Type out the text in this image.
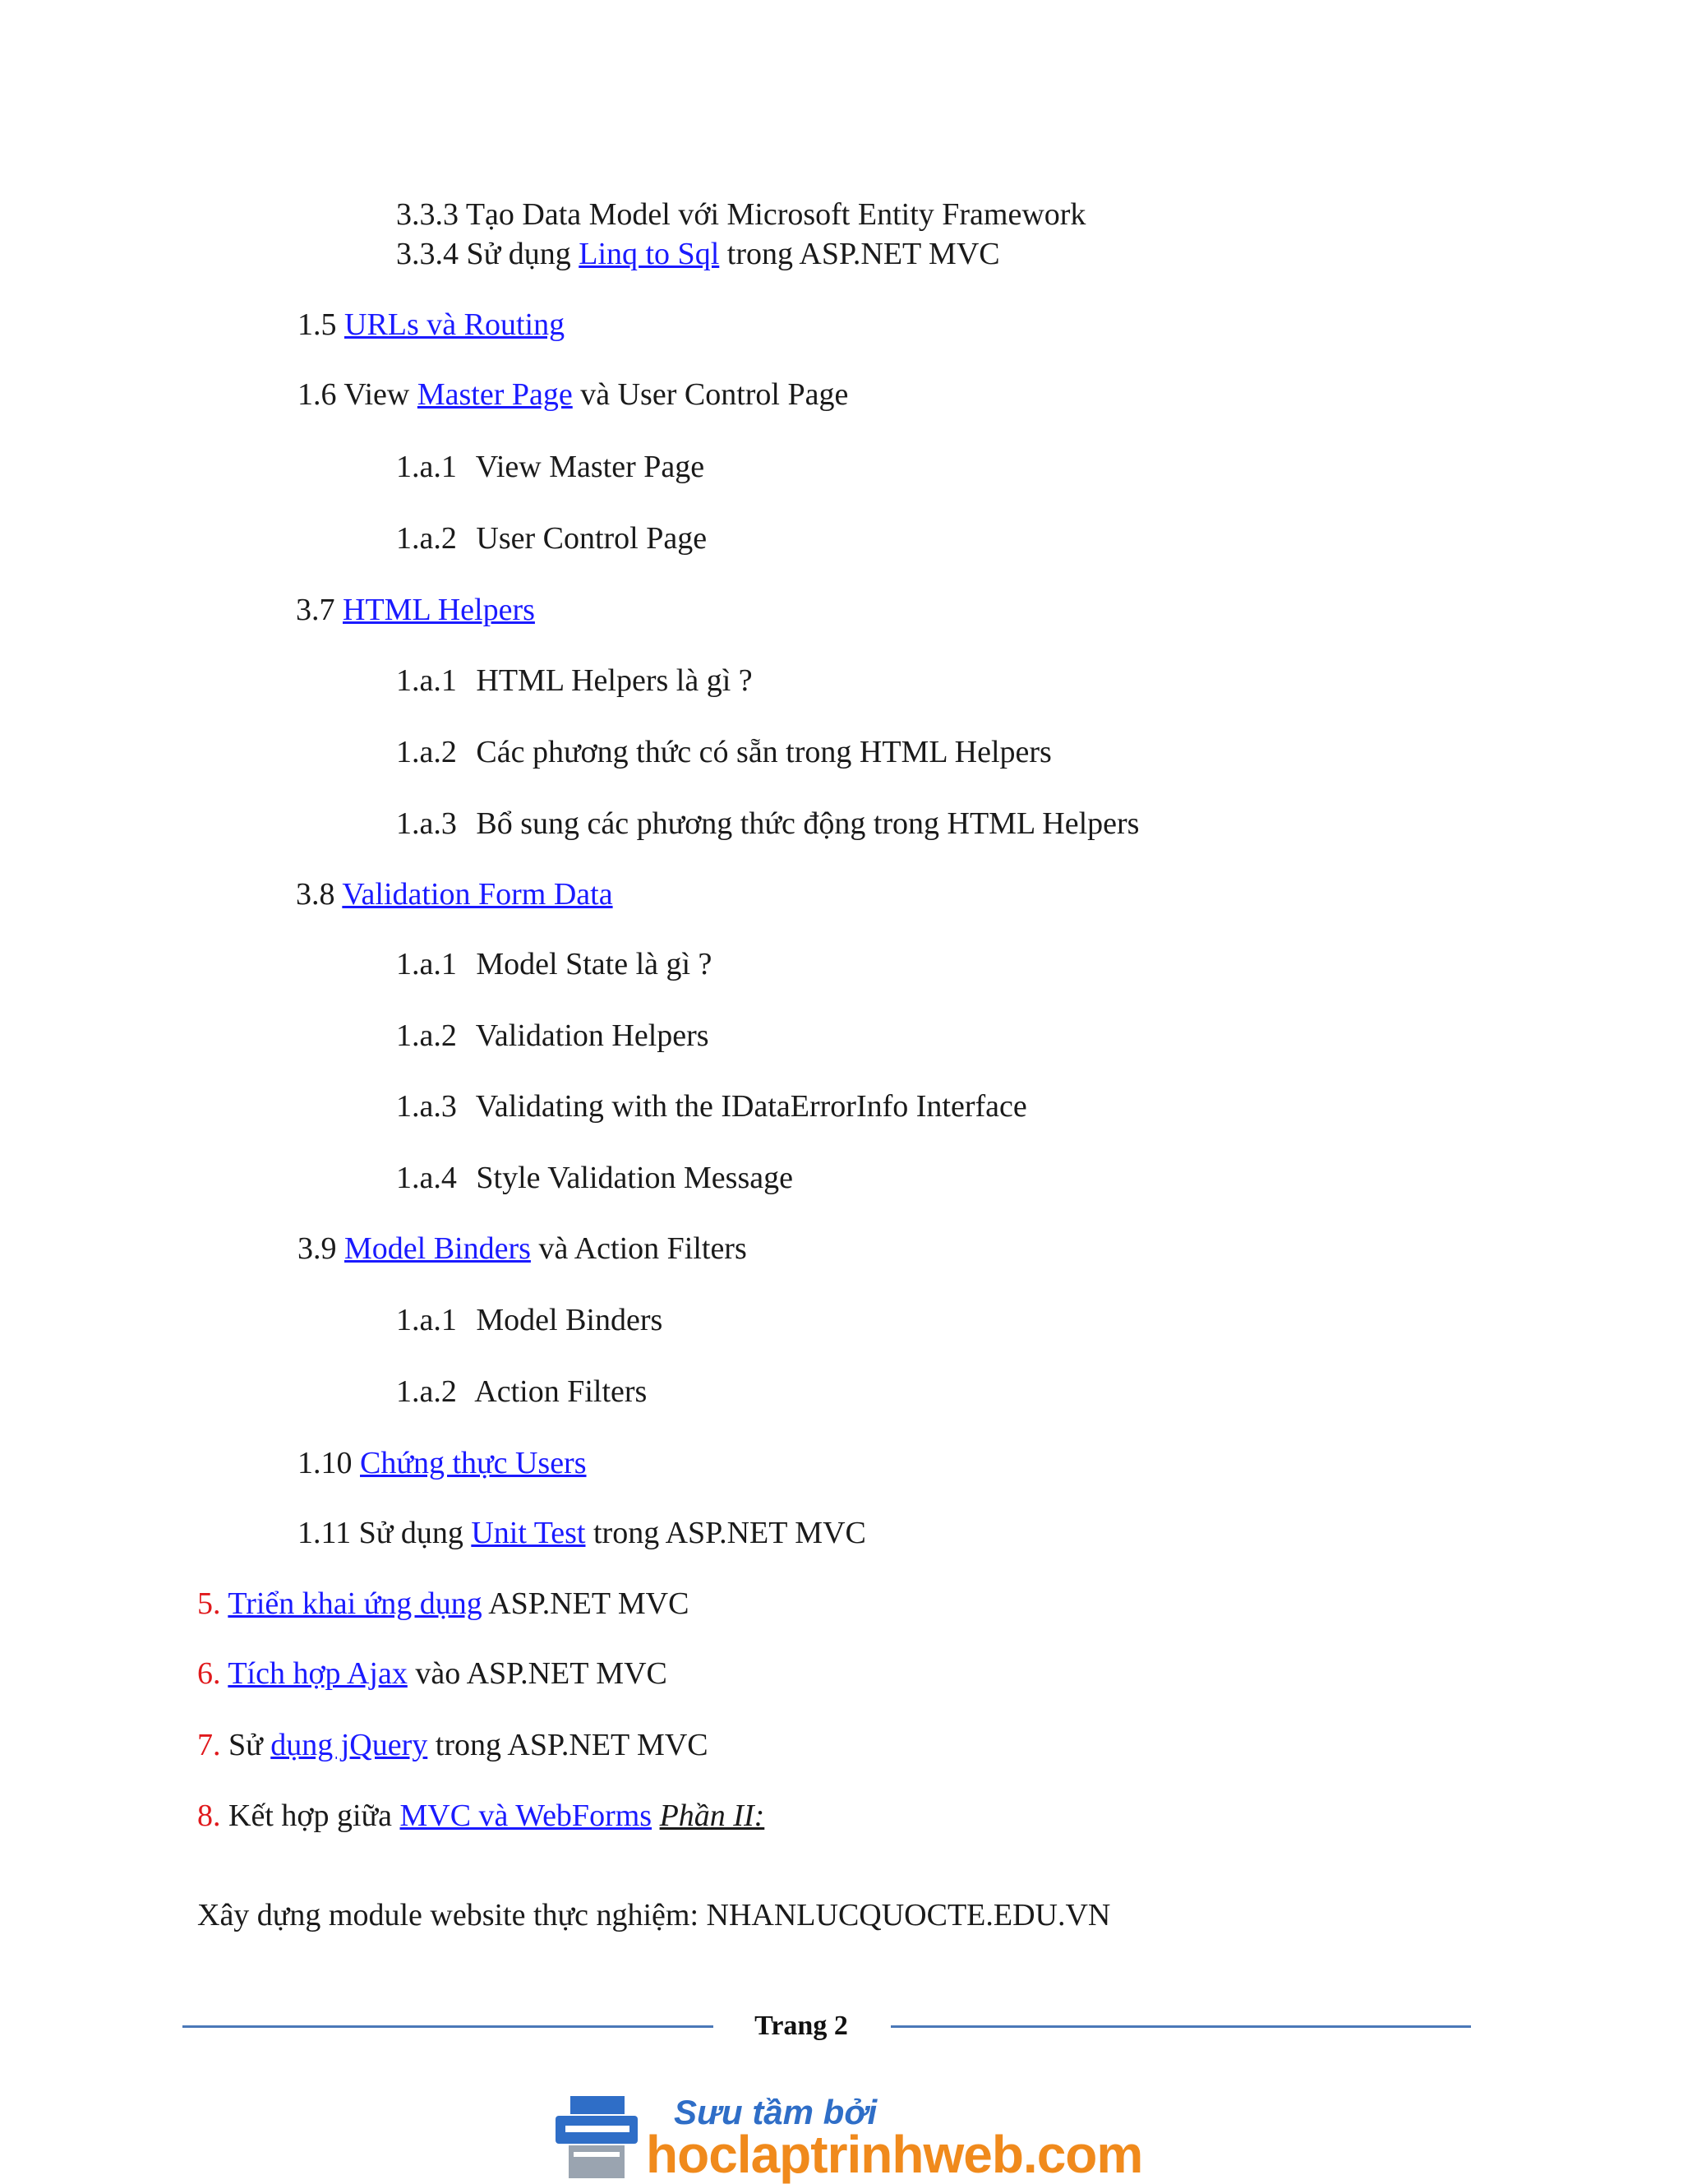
3.3.3 Tạo Data Model với Microsoft Entity Framework
3.3.4 Sử dụng Linq to Sql trong ASP.NET MVC
1.5 URLs và Routing
1.6 View Master Page và User Control Page
1.a.1 View Master Page
1.a.2 User Control Page
3.7 HTML Helpers
1.a.1 HTML Helpers là gì ?
1.a.2 Các phương thức có sẵn trong HTML Helpers
1.a.3 Bổ sung các phương thức động trong HTML Helpers
3.8 Validation Form Data
1.a.1 Model State là gì ?
1.a.2 Validation Helpers
1.a.3 Validating with the IDataErrorInfo Interface
1.a.4 Style Validation Message
3.9 Model Binders và Action Filters
1.a.1 Model Binders
1.a.2 Action Filters
1.10 Chứng thực Users
1.11 Sử dụng Unit Test trong ASP.NET MVC
5. Triển khai ứng dụng ASP.NET MVC
6. Tích hợp Ajax vào ASP.NET MVC
7. Sử dụng jQuery trong ASP.NET MVC
8. Kết hợp giữa MVC và WebForms Phần II:
Xây dựng module website thực nghiệm: NHANLUCQUOCTE.EDU.VN
Trang 2
Sưu tầm bởi
hoclaptrinhweb.com
